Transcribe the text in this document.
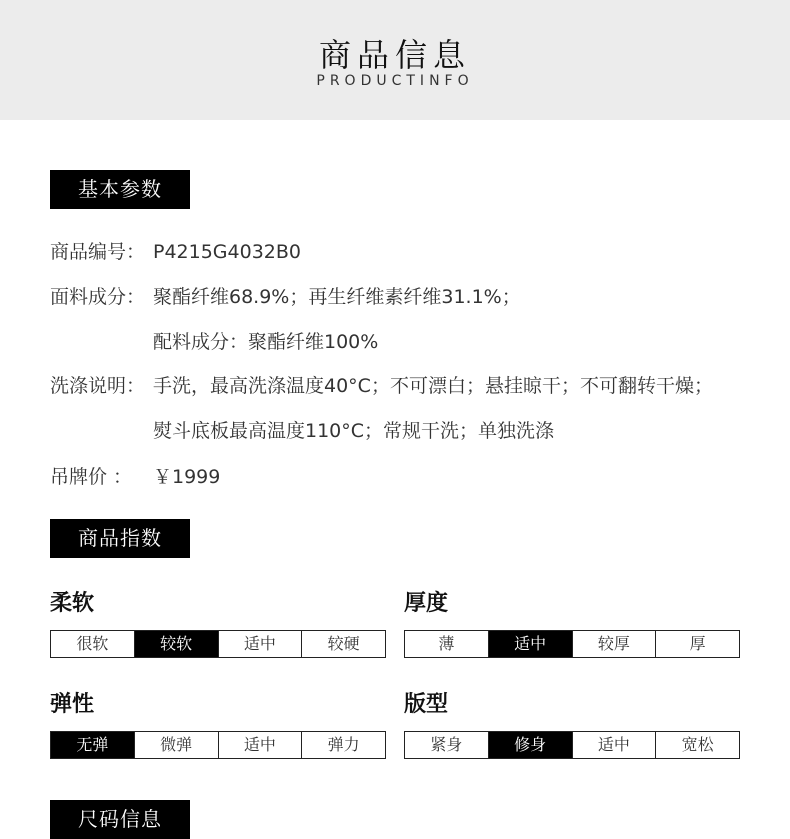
商品信息
PRODUCTINFO
基本参数
商品编号： P4215G4032B0
面料成分： 聚酯纤维68.9%；再生纤维素纤维31.1%；
配料成分：聚酯纤维100%
洗涤说明： 手洗，最高洗涤温度40°C；不可漂白；悬挂晾干；不可翻转干燥；
熨斗底板最高温度110°C；常规干洗；单独洗涤
吊牌价 ： ￥1999
商品指数
柔软
很软	较软	适中	较硬
厚度
薄	适中	较厚	厚
弹性
无弹	微弹	适中	弹力
版型
紧身	修身	适中	宽松
尺码信息
